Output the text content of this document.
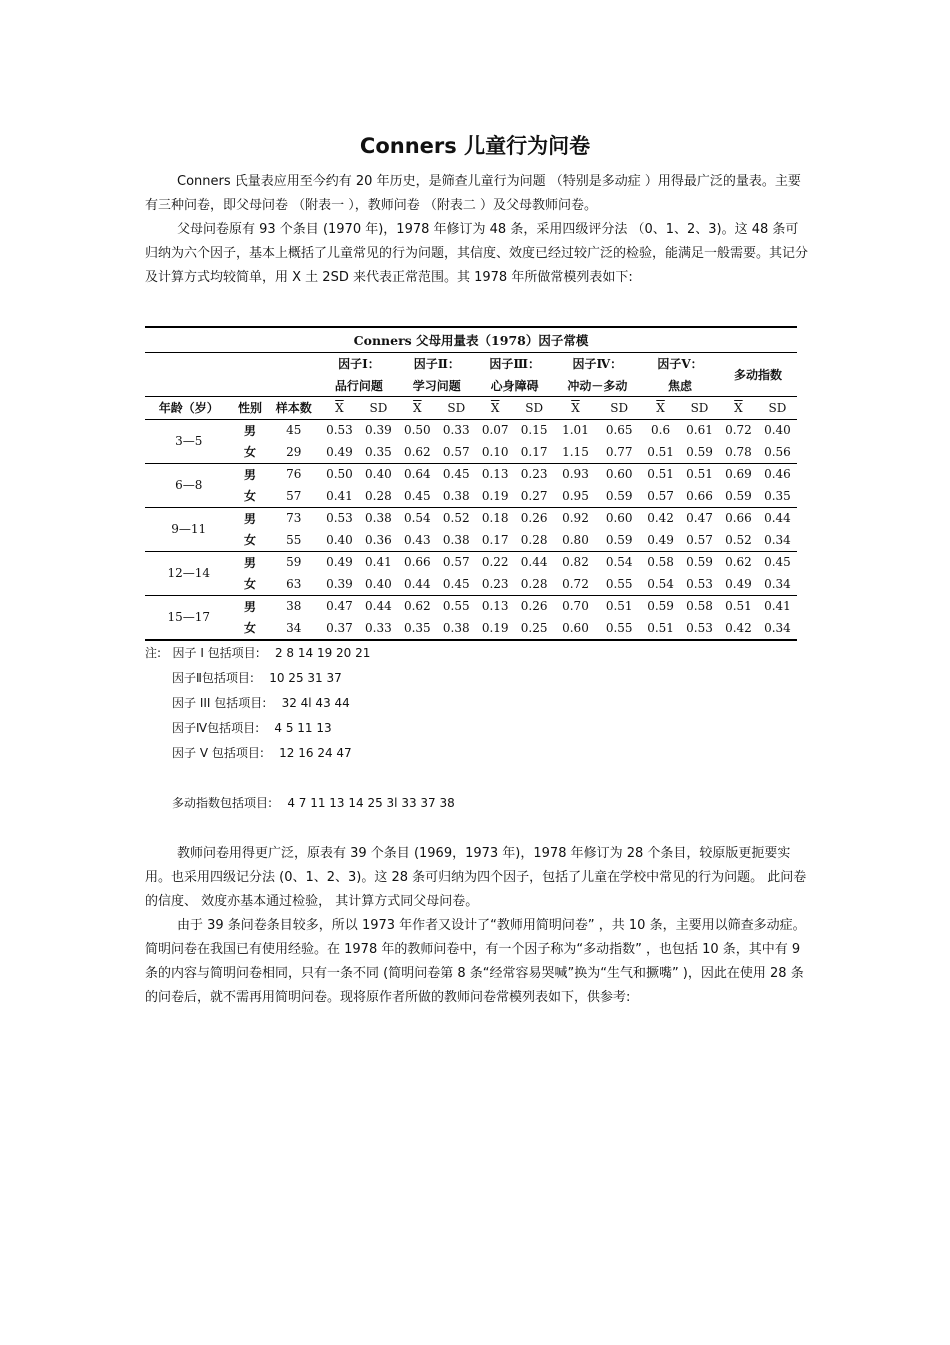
Conners 儿童行为问卷

Conners 氏量表应用至今约有 20 年历史，是筛查儿童行为问题 （特别是多动症 ）用得最广泛的量表。主要有三种问卷，即父母问卷 （附表一 ），教师问卷 （附表二 ）及父母教师问卷。

父母问卷原有 93 个条目 (1970 年)，1978 年修订为 48 条，采用四级评分法 （0、1、2、3)。这 48 条可归纳为六个因子，基本上概括了儿童常见的行为问题，其信度、效度已经过较广泛的检验，能满足一般需要。其记分及计算方式均较简单，用 X 土 2SD 来代表正常范围。其 1978 年所做常模列表如下:

Conners 父母用量表（1978）因子常模														
			因子Ⅰ：		因子Ⅱ：		因子Ⅲ：		因子Ⅳ：		因子Ⅴ：		多动指数	
			品行问题		学习问题		心身障碍		冲动－多动		焦虑			
年龄（岁）	性别	样本数	$\overline{X}$	SD	$\overline{X}$	SD	$\overline{X}$	SD	$\overline{X}$	SD	$\overline{X}$	SD	$\overline{X}$	SD
3—5	男	45	0.53	0.39	0.50	0.33	0.07	0.15	1.01	0.65	0.6	0.61	0.72	0.40
	女	29	0.49	0.35	0.62	0.57	0.10	0.17	1.15	0.77	0.51	0.59	0.78	0.56
6—8	男	76	0.50	0.40	0.64	0.45	0.13	0.23	0.93	0.60	0.51	0.51	0.69	0.46
	女	57	0.41	0.28	0.45	0.38	0.19	0.27	0.95	0.59	0.57	0.66	0.59	0.35
9—11	男	73	0.53	0.38	0.54	0.52	0.18	0.26	0.92	0.60	0.42	0.47	0.66	0.44
	女	55	0.40	0.36	0.43	0.38	0.17	0.28	0.80	0.59	0.49	0.57	0.52	0.34
12—14	男	59	0.49	0.41	0.66	0.57	0.22	0.44	0.82	0.54	0.58	0.59	0.62	0.45
	女	63	0.39	0.40	0.44	0.45	0.23	0.28	0.72	0.55	0.54	0.53	0.49	0.34
15—17	男	38	0.47	0.44	0.62	0.55	0.13	0.26	0.70	0.51	0.59	0.58	0.51	0.41
	女	34	0.37	0.33	0.35	0.38	0.19	0.25	0.60	0.55	0.51	0.53	0.42	0.34
注: 因子 I 包括项目: 2 8 14 19 20 21
因子Ⅱ包括项目: 10 25 31 37
因子 III 包括项目: 32 4l 43 44
因子Ⅳ包括项目: 4 5 11 13
因子 V 包括项目: 12 16 24 47
多动指数包括项目: 4 7 11 13 14 25 3l 33 37 38

教师问卷用得更广泛，原表有 39 个条目 (1969，1973 年)，1978 年修订为 28 个条目，较原版更扼要实用。也采用四级记分法 (0、1、2、3)。这 28 条可归纳为四个因子，包括了儿童在学校中常见的行为问题。 此问卷的信度、 效度亦基本通过检验， 其计算方式同父母问卷。

由于 39 条问卷条目较多，所以 1973 年作者又设计了“教师用简明问卷” ，共 10 条，主要用以筛查多动症。简明问卷在我国已有使用经验。在 1978 年的教师问卷中，有一个因子称为“多动指数” ，也包括 10 条，其中有 9 条的内容与简明问卷相同，只有一条不同 (简明问卷第 8 条“经常容易哭喊”换为“生气和撅嘴” )，因此在使用 28 条的问卷后，就不需再用简明问卷。现将原作者所做的教师问卷常模列表如下，供参考:
